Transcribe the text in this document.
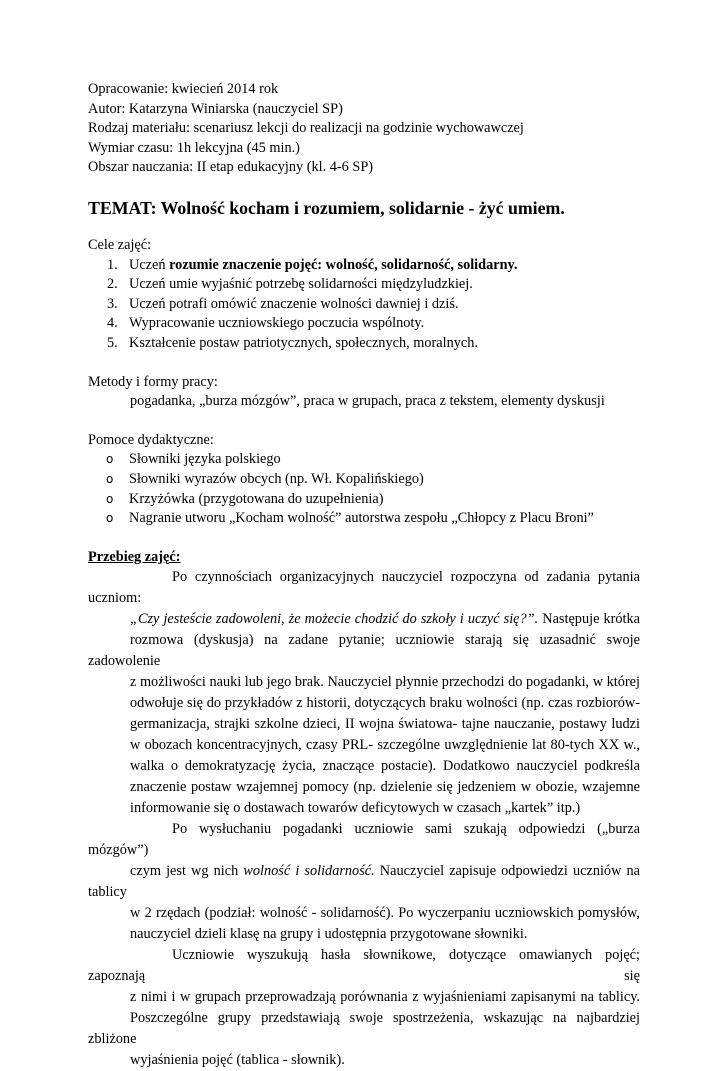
Opracowanie: kwiecień 2014 rok

Autor: Katarzyna Winiarska (nauczyciel SP)

Rodzaj materiału: scenariusz lekcji do realizacji na godzinie wychowawczej

Wymiar czasu: 1h lekcyjna (45 min.)

Obszar nauczania: II etap edukacyjny (kl. 4-6 SP)

TEMAT: Wolność kocham i rozumiem, solidarnie - żyć umiem.

Cele zajęć:

1. Uczeń rozumie znaczenie pojęć: wolność, solidarność, solidarny.
2. Uczeń umie wyjaśnić potrzebę solidarności międzyludzkiej.
3. Uczeń potrafi omówić znaczenie wolności dawniej i dziś.
4. Wypracowanie uczniowskiego poczucia wspólnoty.
5. Kształcenie postaw patriotycznych, społecznych, moralnych.

Metody i formy pracy:

pogadanka, „burza mózgów”, praca w grupach, praca z tekstem, elementy dyskusji

Pomoce dydaktyczne:

o Słowniki języka polskiego
o Słowniki wyrazów obcych (np. Wł. Kopalińskiego)
o Krzyżówka (przygotowana do uzupełnienia)
o Nagranie utworu „Kocham wolność” autorstwa zespołu „Chłopcy z Placu Broni”

Przebieg zajęć:

Po czynnościach organizacyjnych nauczyciel rozpoczyna od zadania pytania uczniom:
„Czy jesteście zadowoleni, że możecie chodzić do szkoły i uczyć się?”. Następuje krótka
rozmowa (dyskusja) na zadane pytanie; uczniowie starają się uzasadnić swoje zadowolenie
z możliwości nauki lub jego brak. Nauczyciel płynnie przechodzi do pogadanki, w której
odwołuje się do przykładów z historii, dotyczących braku wolności (np. czas rozbiorów-
germanizacja, strajki szkolne dzieci, II wojna światowa- tajne nauczanie, postawy ludzi
w obozach koncentracyjnych, czasy PRL- szczególne uwzględnienie lat 80-tych XX w.,
walka o demokratyzację życia, znaczące postacie). Dodatkowo nauczyciel podkreśla
znaczenie postaw wzajemnej pomocy (np. dzielenie się jedzeniem w obozie, wzajemne
informowanie się o dostawach towarów deficytowych w czasach „kartek” itp.)
Po wysłuchaniu pogadanki uczniowie sami szukają odpowiedzi („burza mózgów”)
czym jest wg nich wolność i solidarność. Nauczyciel zapisuje odpowiedzi uczniów na tablicy
w 2 rzędach (podział: wolność - solidarność). Po wyczerpaniu uczniowskich pomysłów,
nauczyciel dzieli klasę na grupy i udostępnia przygotowane słowniki.
Uczniowie wyszukują hasła słownikowe, dotyczące omawianych pojęć; zapoznają się
z nimi i w grupach przeprowadzają porównania z wyjaśnieniami zapisanymi na tablicy.
Poszczególne grupy przedstawiają swoje spostrzeżenia, wskazując na najbardziej zbliżone
wyjaśnienia pojęć (tablica - słownik).
